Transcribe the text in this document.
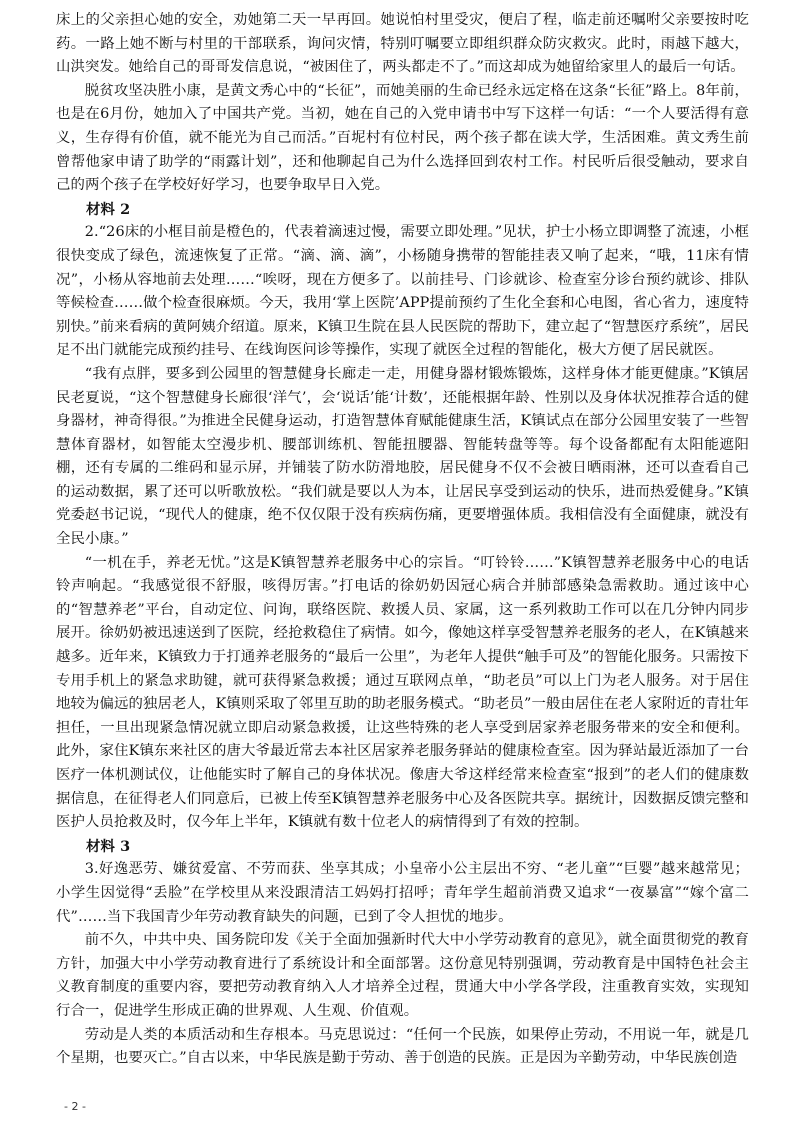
床上的父亲担心她的安全，劝她第二天一早再回。她说怕村里受灾，便启了程，临走前还嘱咐父亲要按时吃药。一路上她不断与村里的干部联系，询问灾情，特别叮嘱要立即组织群众防灾救灾。此时，雨越下越大，山洪突发。她给自己的哥哥发信息说，“被困住了，两头都走不了。”而这却成为她留给家里人的最后一句话。

脱贫攻坚决胜小康，是黄文秀心中的“长征”，而她美丽的生命已经永远定格在这条“长征”路上。8年前，也是在6月份，她加入了中国共产党。当初，她在自己的入党申请书中写下这样一句话：“一个人要活得有意义，生存得有价值，就不能光为自己而活。”百坭村有位村民，两个孩子都在读大学，生活困难。黄文秀生前曾帮他家申请了助学的“雨露计划”，还和他聊起自己为什么选择回到农村工作。村民听后很受触动，要求自己的两个孩子在学校好好学习，也要争取早日入党。

材料 2

2.“26床的小框目前是橙色的，代表着滴速过慢，需要立即处理。”见状，护士小杨立即调整了流速，小框很快变成了绿色，流速恢复了正常。“滴、滴、滴”，小杨随身携带的智能挂表又响了起来，“哦，11床有情况”，小杨从容地前去处理……“唉呀，现在方便多了。以前挂号、门诊就诊、检查室分诊台预约就诊、排队等候检查……做个检查很麻烦。今天，我用‘掌上医院’APP提前预约了生化全套和心电图，省心省力，速度特别快。”前来看病的黄阿姨介绍道。原来，K镇卫生院在县人民医院的帮助下，建立起了“智慧医疗系统”，居民足不出门就能完成预约挂号、在线询医问诊等操作，实现了就医全过程的智能化，极大方便了居民就医。

“我有点胖，要多到公园里的智慧健身长廊走一走，用健身器材锻炼锻炼，这样身体才能更健康。”K镇居民老夏说，“这个智慧健身长廊很‘洋气’，会‘说话’能‘计数’，还能根据年龄、性别以及身体状况推荐合适的健身器材，神奇得很。”为推进全民健身运动，打造智慧体育赋能健康生活，K镇试点在部分公园里安装了一些智慧体育器材，如智能太空漫步机、腰部训练机、智能扭腰器、智能转盘等等。每个设备都配有太阳能遮阳棚，还有专属的二维码和显示屏，并铺装了防水防滑地胶，居民健身不仅不会被日晒雨淋，还可以查看自己的运动数据，累了还可以听歌放松。“我们就是要以人为本，让居民享受到运动的快乐，进而热爱健身。”K镇党委赵书记说，“现代人的健康，绝不仅仅限于没有疾病伤痛，更要增强体质。我相信没有全面健康，就没有全民小康。”

“一机在手，养老无忧。”这是K镇智慧养老服务中心的宗旨。“叮铃铃……”K镇智慧养老服务中心的电话铃声响起。“我感觉很不舒服，咳得厉害。”打电话的徐奶奶因冠心病合并肺部感染急需救助。通过该中心的“智慧养老”平台，自动定位、问询，联络医院、救援人员、家属，这一系列救助工作可以在几分钟内同步展开。徐奶奶被迅速送到了医院，经抢救稳住了病情。如今，像她这样享受智慧养老服务的老人，在K镇越来越多。近年来，K镇致力于打通养老服务的“最后一公里”，为老年人提供“触手可及”的智能化服务。只需按下专用手机上的紧急求助键，就可获得紧急救援；通过互联网点单，“助老员”可以上门为老人服务。对于居住地较为偏远的独居老人，K镇则采取了邻里互助的助老服务模式。“助老员”一般由居住在老人家附近的青壮年担任，一旦出现紧急情况就立即启动紧急救援，让这些特殊的老人享受到居家养老服务带来的安全和便利。此外，家住K镇东来社区的唐大爷最近常去本社区居家养老服务驿站的健康检查室。因为驿站最近添加了一台医疗一体机测试仪，让他能实时了解自己的身体状况。像唐大爷这样经常来检查室“报到”的老人们的健康数据信息，在征得老人们同意后，已被上传至K镇智慧养老服务中心及各医院共享。据统计，因数据反馈完整和医护人员抢救及时，仅今年上半年，K镇就有数十位老人的病情得到了有效的控制。

材料 3

3.好逸恶劳、嫌贫爱富、不劳而获、坐享其成；小皇帝小公主层出不穷、“老儿童”“巨婴”越来越常见；小学生因觉得“丢脸”在学校里从来没跟清洁工妈妈打招呼；青年学生超前消费又追求“一夜暴富”“嫁个富二代”……当下我国青少年劳动教育缺失的问题，已到了令人担忧的地步。

前不久，中共中央、国务院印发《关于全面加强新时代大中小学劳动教育的意见》，就全面贯彻党的教育方针，加强大中小学劳动教育进行了系统设计和全面部署。这份意见特别强调，劳动教育是中国特色社会主义教育制度的重要内容，要把劳动教育纳入人才培养全过程，贯通大中小学各学段，注重教育实效，实现知行合一，促进学生形成正确的世界观、人生观、价值观。

劳动是人类的本质活动和生存根本。马克思说过：“任何一个民族，如果停止劳动，不用说一年，就是几个星期，也要灭亡。”自古以来，中华民族是勤于劳动、善于创造的民族。正是因为辛勤劳动，中华民族创造

- 2 -
